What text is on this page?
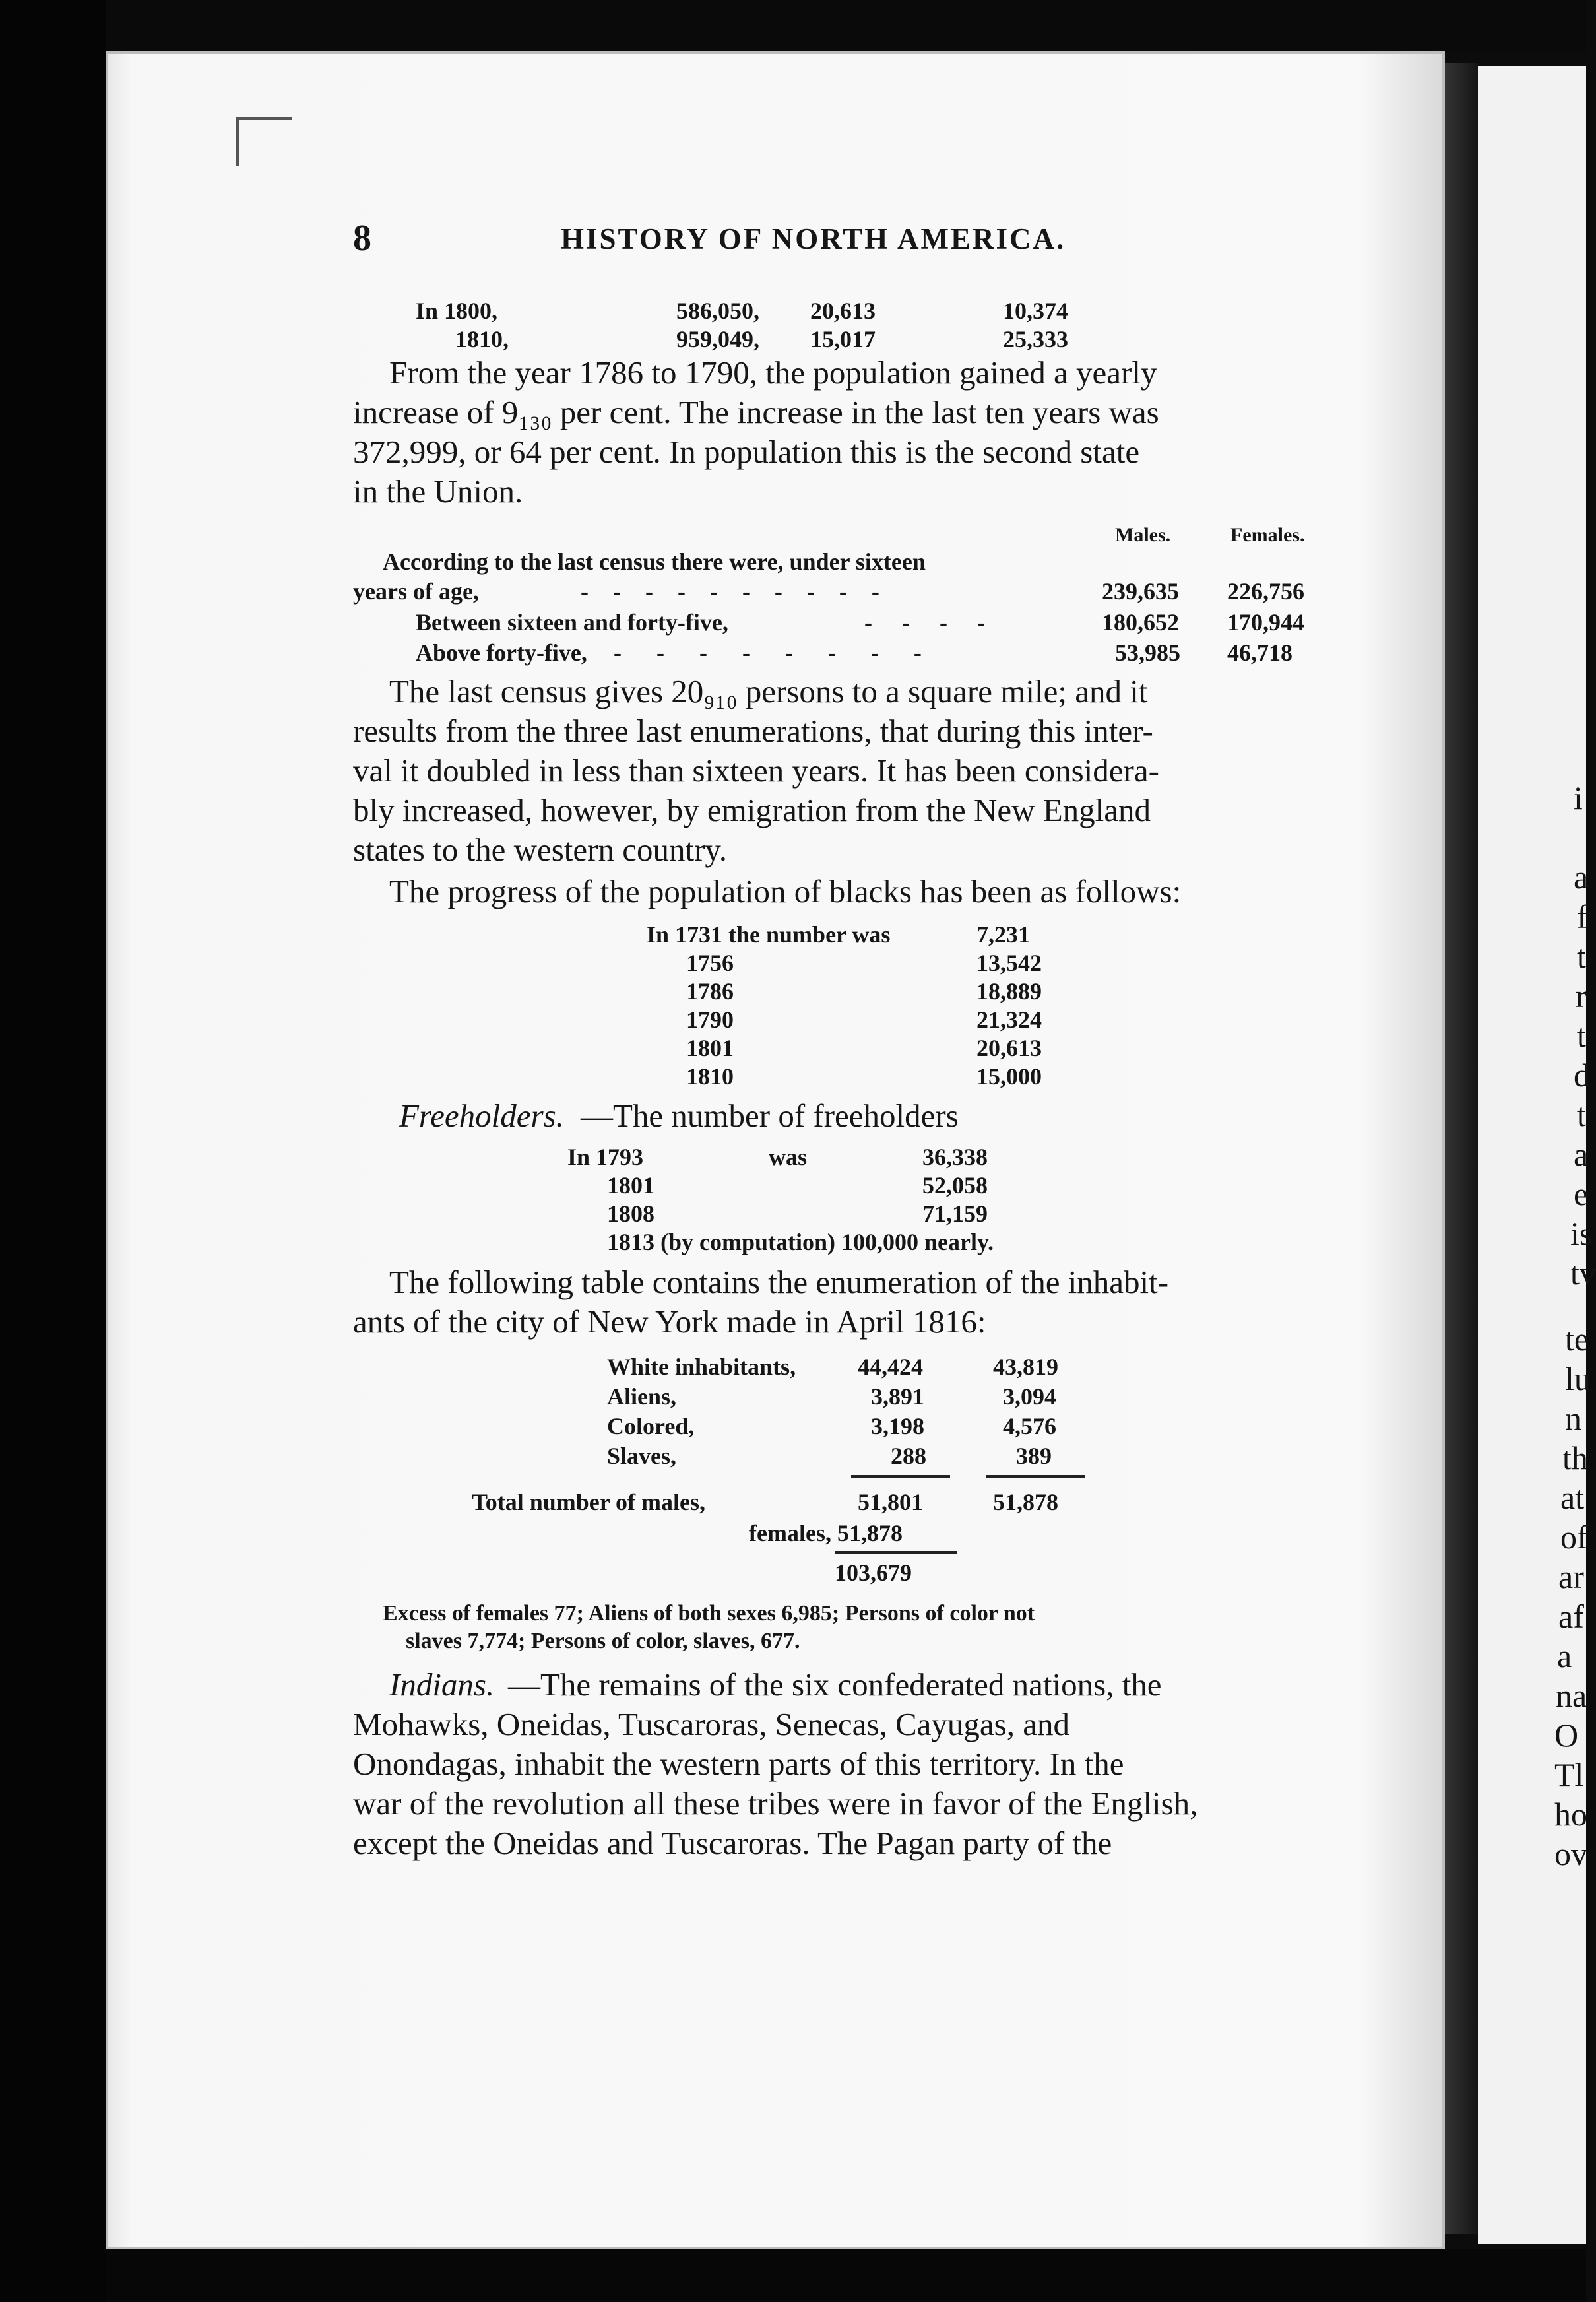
8	HISTORY OF NORTH AMERICA.
In 1800,	586,050, 20,613	10,374
1810,	959,049, 15,017	25,333
From the year 1786 to 1790, the population gained a yearly
increase of 9₁₃₀ per cent. The increase in the last ten years was
372,999, or 64 per cent. In population this is the second state
in the Union.
Males.	Females.
According to the last census there were, under sixteen
years of age,	- - - - - - - - - -	239,635 226,756
Between sixteen and forty-five,	- - - -	180,652 170,944
Above forty-five, - - - - - - - -	53,985 46,718
The last census gives 20₉₁₀ persons to a square mile; and it
results from the three last enumerations, that during this inter-
val it doubled in less than sixteen years. It has been considera-
bly increased, however, by emigration from the New England
states to the western country.
The progress of the population of blacks has been as follows:
In 1731 the number was	7,231
1756	13,542
1786	18,889
1790	21,324
1801	20,613
1810	15,000
Freeholders. —The number of freeholders
In 1793	was	36,338
1801	52,058
1808	71,159
1813 (by computation) 100,000 nearly.
The following table contains the enumeration of the inhabit-
ants of the city of New York made in April 1816:
White inhabitants,	44,424	43,819
Aliens,	3,891	3,094
Colored,	3,198	4,576
Slaves,	288	389
Total number of males,	51,801	51,878
females, 51,878
103,679
Excess of females 77; Aliens of both sexes 6,985; Persons of color not
slaves 7,774; Persons of color, slaves, 677.
Indians. —The remains of the six confederated nations, the
Mohawks, Oneidas, Tuscaroras, Senecas, Cayugas, and
Onondagas, inhabit the western parts of this territory. In the
war of the revolution all these tribes were in favor of the English,
except the Oneidas and Tuscaroras. The Pagan party of the
i
a
f
t
r
t
d
t
a
e
is
tv
te
lu
n
th
at
of
ar
af
a
na
O
Tl
ho
ov
